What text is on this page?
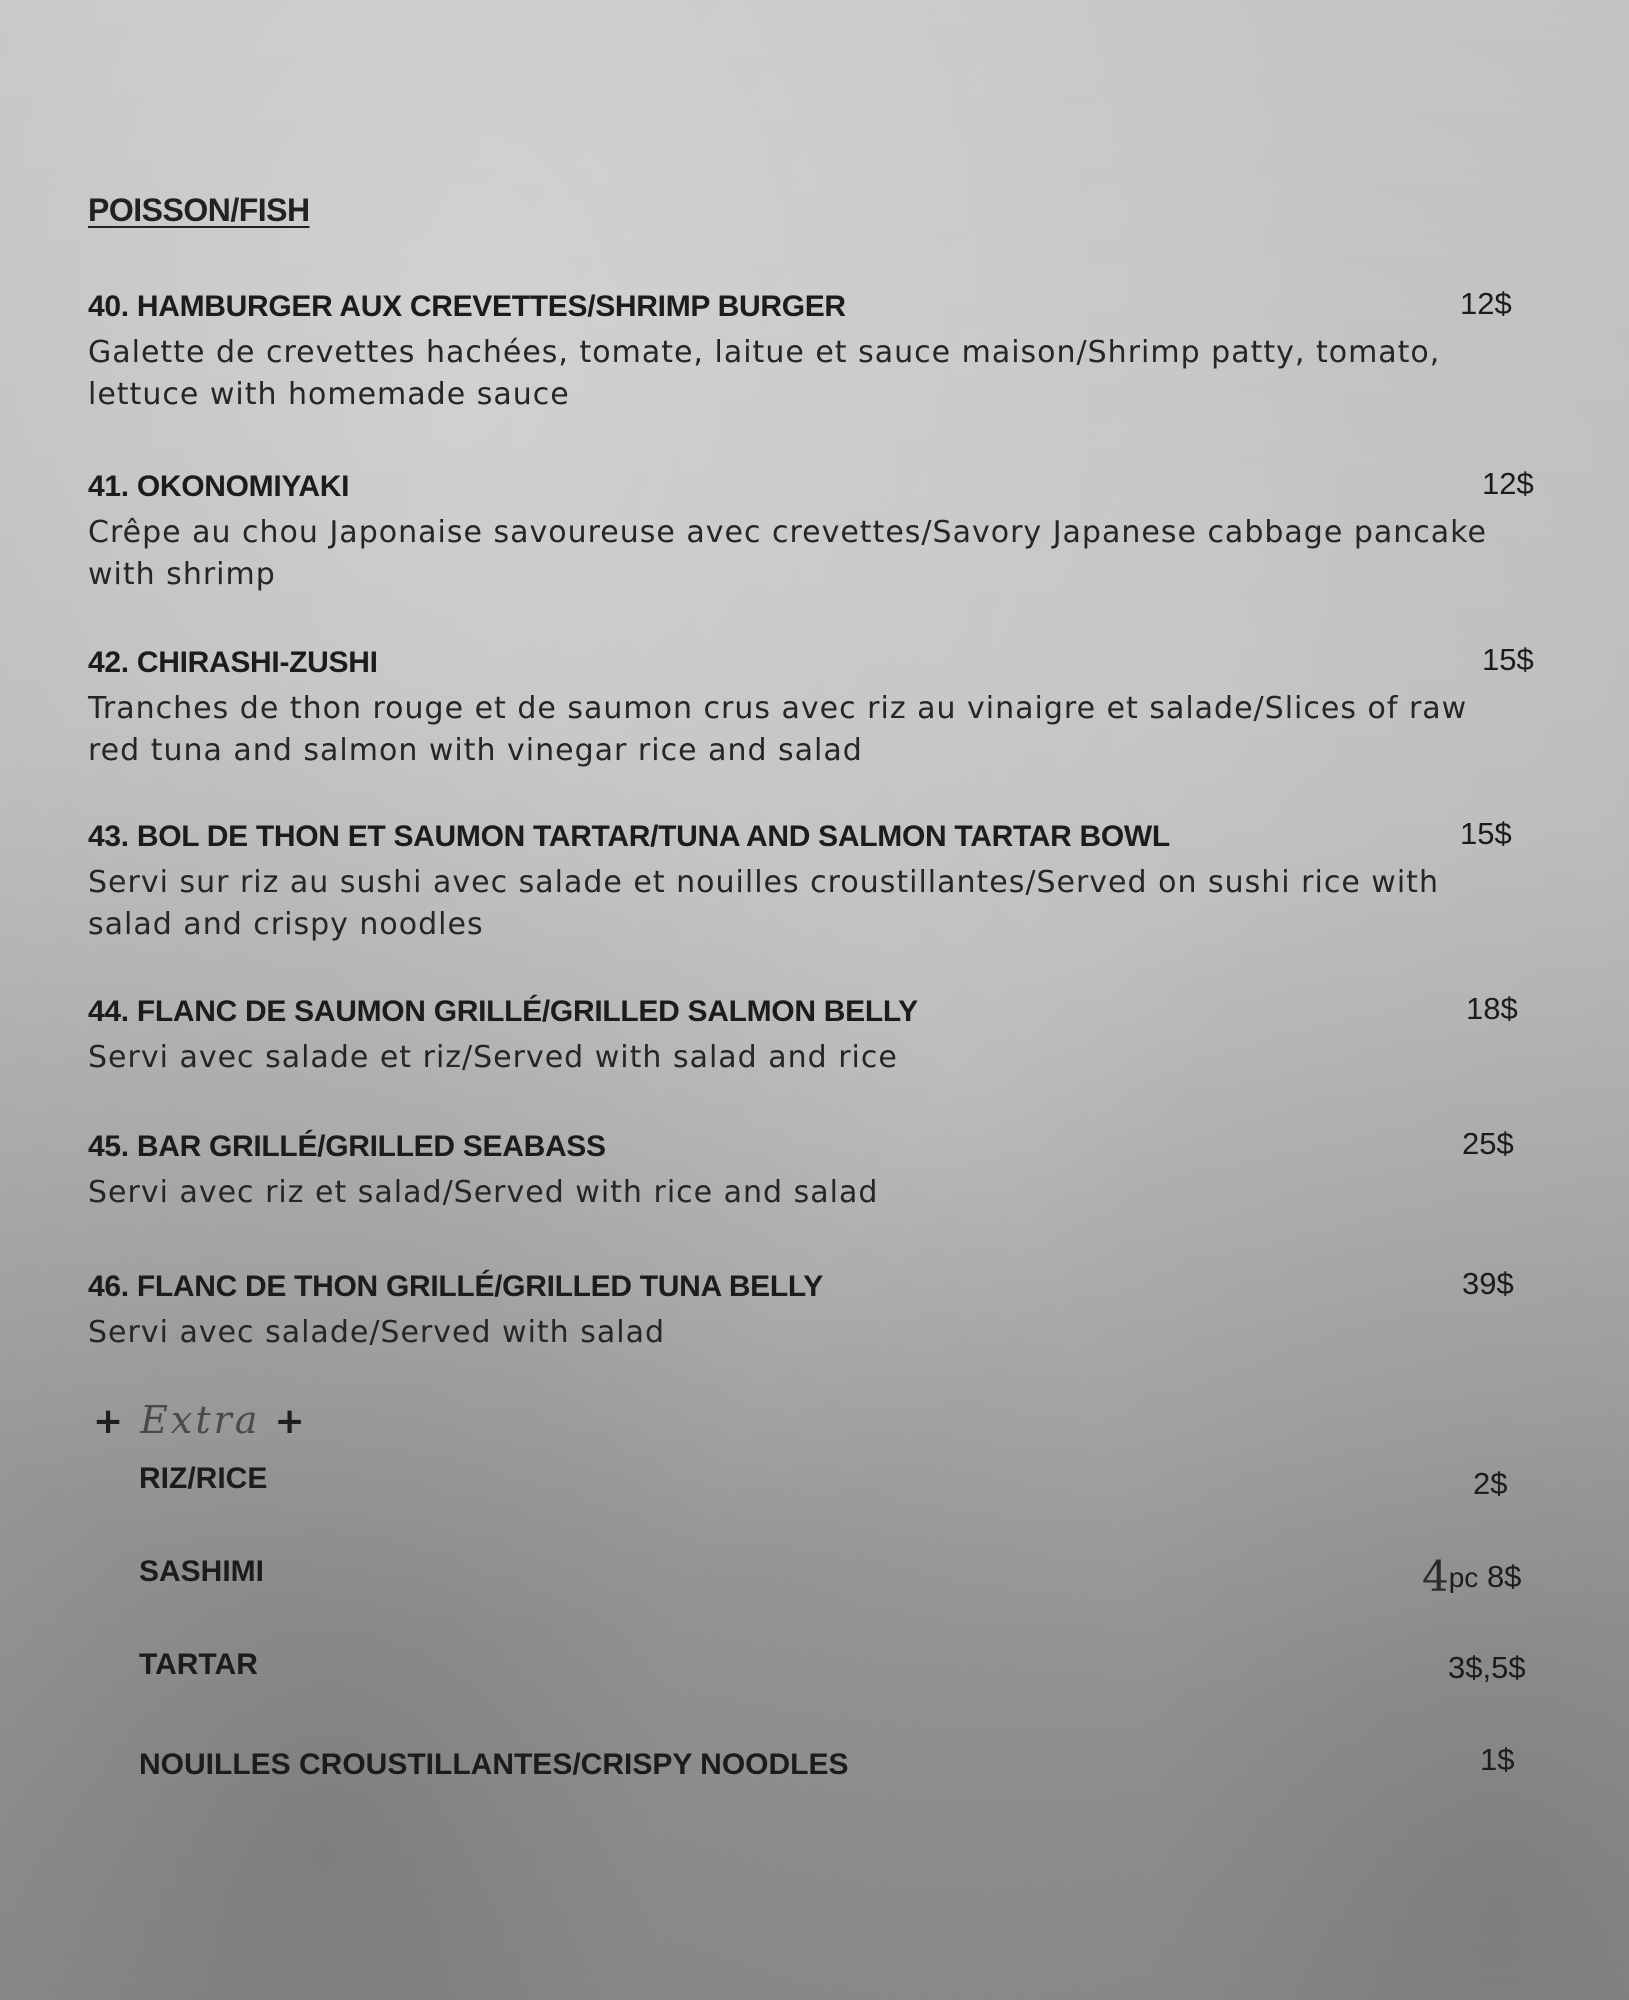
POISSON/FISH
40. HAMBURGER AUX CREVETTES/SHRIMP BURGER	12$
Galette de crevettes hachées, tomate, laitue et sauce maison/Shrimp patty, tomato, lettuce with homemade sauce
41. OKONOMIYAKI	12$
Crêpe au chou Japonaise savoureuse avec crevettes/Savory Japanese cabbage pancake with shrimp
42. CHIRASHI-ZUSHI	15$
Tranches de thon rouge et de saumon crus avec riz au vinaigre et salade/Slices of raw red tuna and salmon with vinegar rice and salad
43. BOL DE THON ET SAUMON TARTAR/TUNA AND SALMON TARTAR BOWL	15$
Servi sur riz au sushi avec salade et nouilles croustillantes/Served on sushi rice with salad and crispy noodles
44. FLANC DE SAUMON GRILLÉ/GRILLED SALMON BELLY	18$
Servi avec salade et riz/Served with salad and rice
45. BAR GRILLÉ/GRILLED SEABASS	25$
Servi avec riz et salad/Served with rice and salad
46. FLANC DE THON GRILLÉ/GRILLED TUNA BELLY	39$
Servi avec salade/Served with salad
+ Extra +
RIZ/RICE	2$
SASHIMI	4pc 8$
TARTAR	3$,5$
NOUILLES CROUSTILLANTES/CRISPY NOODLES	1$
